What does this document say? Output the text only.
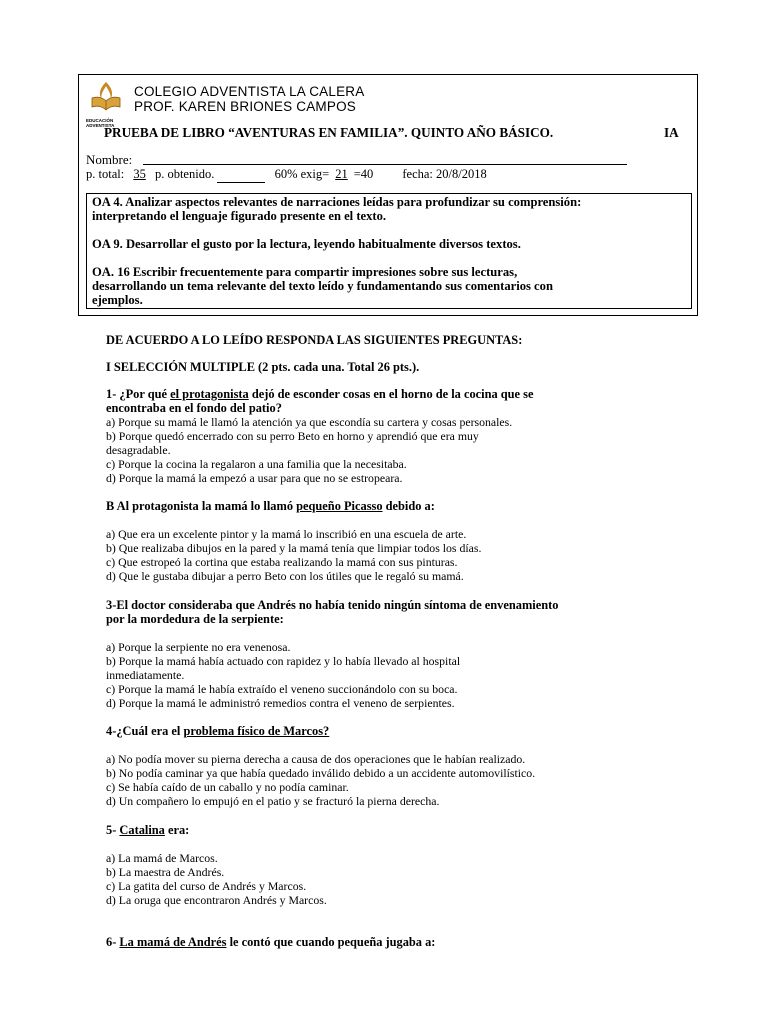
EDUCACIÓN
ADVENTISTA
COLEGIO ADVENTISTA LA CALERA
PROF. KAREN BRIONES CAMPOS
PRUEBA DE LIBRO “AVENTURAS EN FAMILIA”. QUINTO AÑO BÁSICO.	IA
Nombre:
p. total: 35 p. obtenido.	60% exig= 21 =40 fecha: 20/8/2018
OA 4. Analizar aspectos relevantes de narraciones leídas para profundizar su comprensión:
interpretando el lenguaje figurado presente en el texto.
OA 9. Desarrollar el gusto por la lectura, leyendo habitualmente diversos textos.
OA. 16 Escribir frecuentemente para compartir impresiones sobre sus lecturas,
desarrollando un tema relevante del texto leído y fundamentando sus comentarios con
ejemplos.
DE ACUERDO A LO LEÍDO RESPONDA LAS SIGUIENTES PREGUNTAS:
I SELECCIÓN MULTIPLE (2 pts. cada una. Total 26 pts.).
1- ¿Por qué el protagonista dejó de esconder cosas en el horno de la cocina que se
encontraba en el fondo del patio?
a) Porque su mamá le llamó la atención ya que escondía su cartera y cosas personales.
b) Porque quedó encerrado con su perro Beto en horno y aprendió que era muy
desagradable.
c) Porque la cocina la regalaron a una familia que la necesitaba.
d) Porque la mamá la empezó a usar para que no se estropeara.
B Al protagonista la mamá lo llamó pequeño Picasso debido a:
a) Que era un excelente pintor y la mamá lo inscribió en una escuela de arte.
b) Que realizaba dibujos en la pared y la mamá tenía que limpiar todos los días.
c) Que estropeó la cortina que estaba realizando la mamá con sus pinturas.
d) Que le gustaba dibujar a perro Beto con los útiles que le regaló su mamá.
3-El doctor consideraba que Andrés no había tenido ningún síntoma de envenamiento
por la mordedura de la serpiente:
a) Porque la serpiente no era venenosa.
b) Porque la mamá había actuado con rapidez y lo había llevado al hospital
inmediatamente.
c) Porque la mamá le había extraído el veneno succionándolo con su boca.
d) Porque la mamá le administró remedios contra el veneno de serpientes.
4-¿Cuál era el problema físico de Marcos?
a) No podía mover su pierna derecha a causa de dos operaciones que le habían realizado.
b) No podía caminar ya que había quedado inválido debido a un accidente automovilístico.
c) Se había caído de un caballo y no podía caminar.
d) Un compañero lo empujó en el patio y se fracturó la pierna derecha.
5- Catalina era:
a) La mamá de Marcos.
b) La maestra de Andrés.
c) La gatita del curso de Andrés y Marcos.
d) La oruga que encontraron Andrés y Marcos.
6- La mamá de Andrés le contó que cuando pequeña jugaba a:
